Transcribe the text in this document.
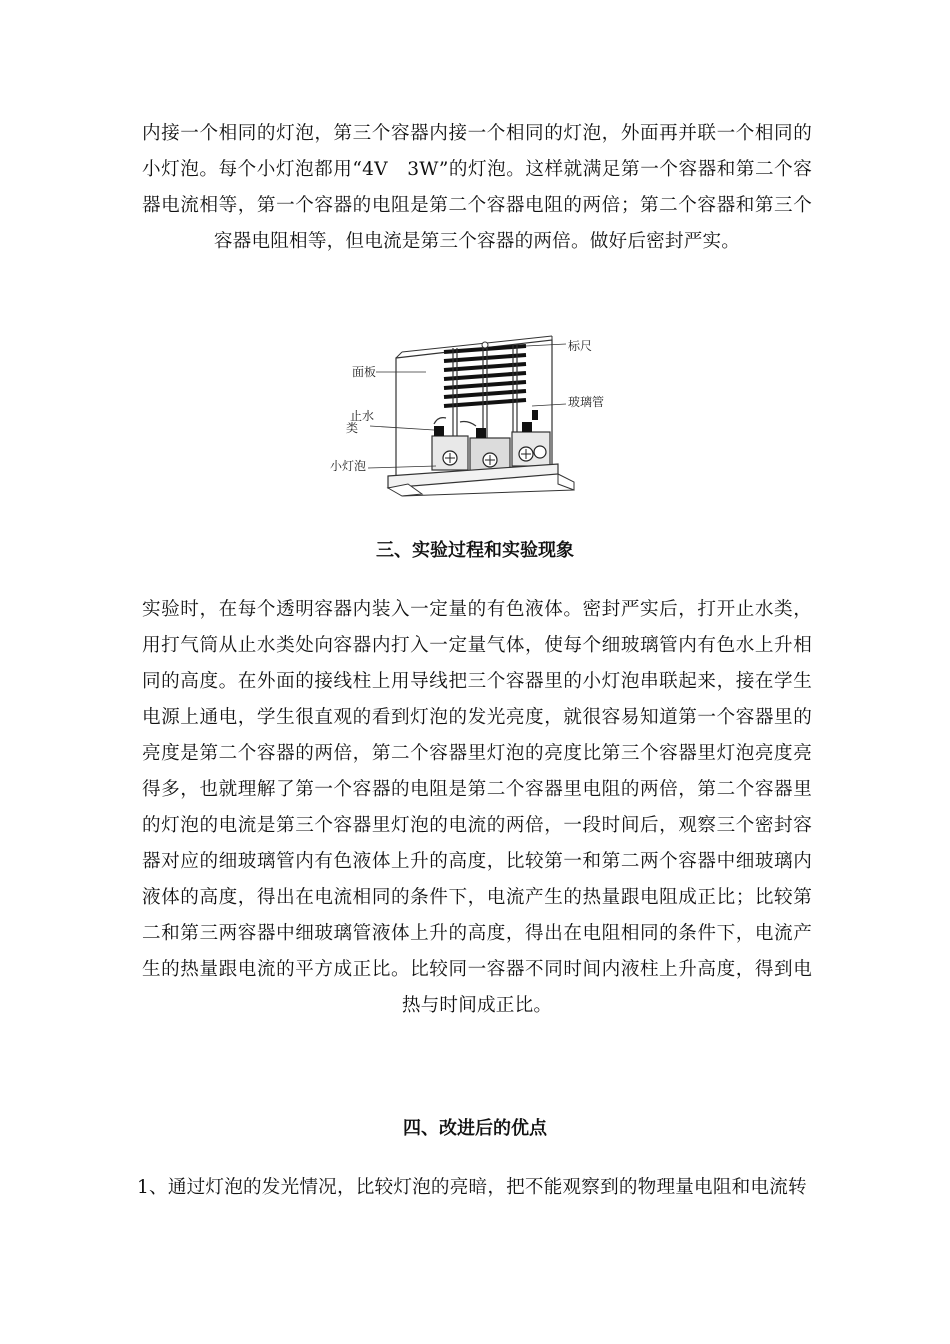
内接一个相同的灯泡，第三个容器内接一个相同的灯泡，外面再并联一个相同的
小灯泡。每个小灯泡都用“4V　3W”的灯泡。这样就满足第一个容器和第二个容
器电流相等，第一个容器的电阻是第二个容器电阻的两倍；第二个容器和第三个
容器电阻相等，但电流是第三个容器的两倍。做好后密封严实。
面板
止水 类
小灯泡
标尺
玻璃管
三、实验过程和实验现象
实验时，在每个透明容器内装入一定量的有色液体。密封严实后，打开止水类，
用打气筒从止水类处向容器内打入一定量气体，使每个细玻璃管内有色水上升相
同的高度。在外面的接线柱上用导线把三个容器里的小灯泡串联起来，接在学生
电源上通电，学生很直观的看到灯泡的发光亮度，就很容易知道第一个容器里的
亮度是第二个容器的两倍，第二个容器里灯泡的亮度比第三个容器里灯泡亮度亮
得多，也就理解了第一个容器的电阻是第二个容器里电阻的两倍，第二个容器里
的灯泡的电流是第三个容器里灯泡的电流的两倍，一段时间后，观察三个密封容
器对应的细玻璃管内有色液体上升的高度，比较第一和第二两个容器中细玻璃内
液体的高度，得出在电流相同的条件下，电流产生的热量跟电阻成正比；比较第
二和第三两容器中细玻璃管液体上升的高度，得出在电阻相同的条件下，电流产
生的热量跟电流的平方成正比。比较同一容器不同时间内液柱上升高度，得到电
热与时间成正比。
四、改进后的优点
1、通过灯泡的发光情况，比较灯泡的亮暗，把不能观察到的物理量电阻和电流转
